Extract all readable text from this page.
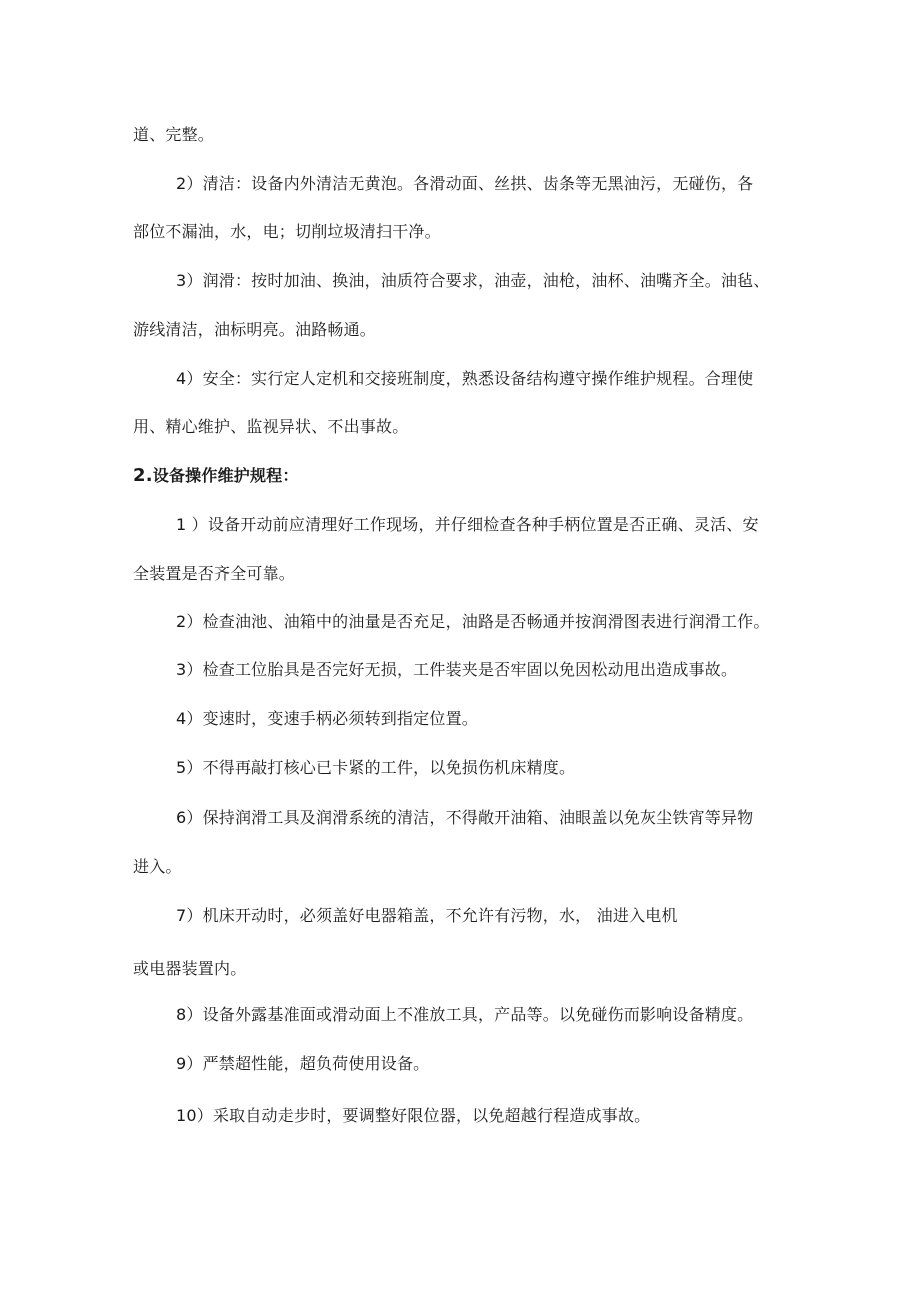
道、完整。
2）清洁：设备内外清洁无黄泡。各滑动面、丝拱、齿条等无黑油污，无碰伤，各
部位不漏油，水，电；切削垃圾清扫干净。
3）润滑：按时加油、换油，油质符合要求，油壶，油枪，油杯、油嘴齐全。油毡、
游线清洁，油标明亮。油路畅通。
4）安全：实行定人定机和交接班制度，熟悉设备结构遵守操作维护规程。合理使
用、精心维护、监视异状、不出事故。
2.设备操作维护规程：
1 ）设备开动前应清理好工作现场，并仔细检查各种手柄位置是否正确、灵活、安
全装置是否齐全可靠。
2）检查油池、油箱中的油量是否充足，油路是否畅通并按润滑图表进行润滑工作。
3）检查工位胎具是否完好无损，工件装夹是否牢固以免因松动甩出造成事故。
4）变速时，变速手柄必须转到指定位置。
5）不得再敲打核心已卡紧的工件，以免损伤机床精度。
6）保持润滑工具及润滑系统的清洁，不得敞开油箱、油眼盖以免灰尘铁宵等异物
进入。
7）机床开动时，必须盖好电器箱盖，不允许有污物，水， 油进入电机
或电器装置内。
8）设备外露基准面或滑动面上不准放工具，产品等。以免碰伤而影响设备精度。
9）严禁超性能，超负荷使用设备。
10）采取自动走步时，要调整好限位器，以免超越行程造成事故。
